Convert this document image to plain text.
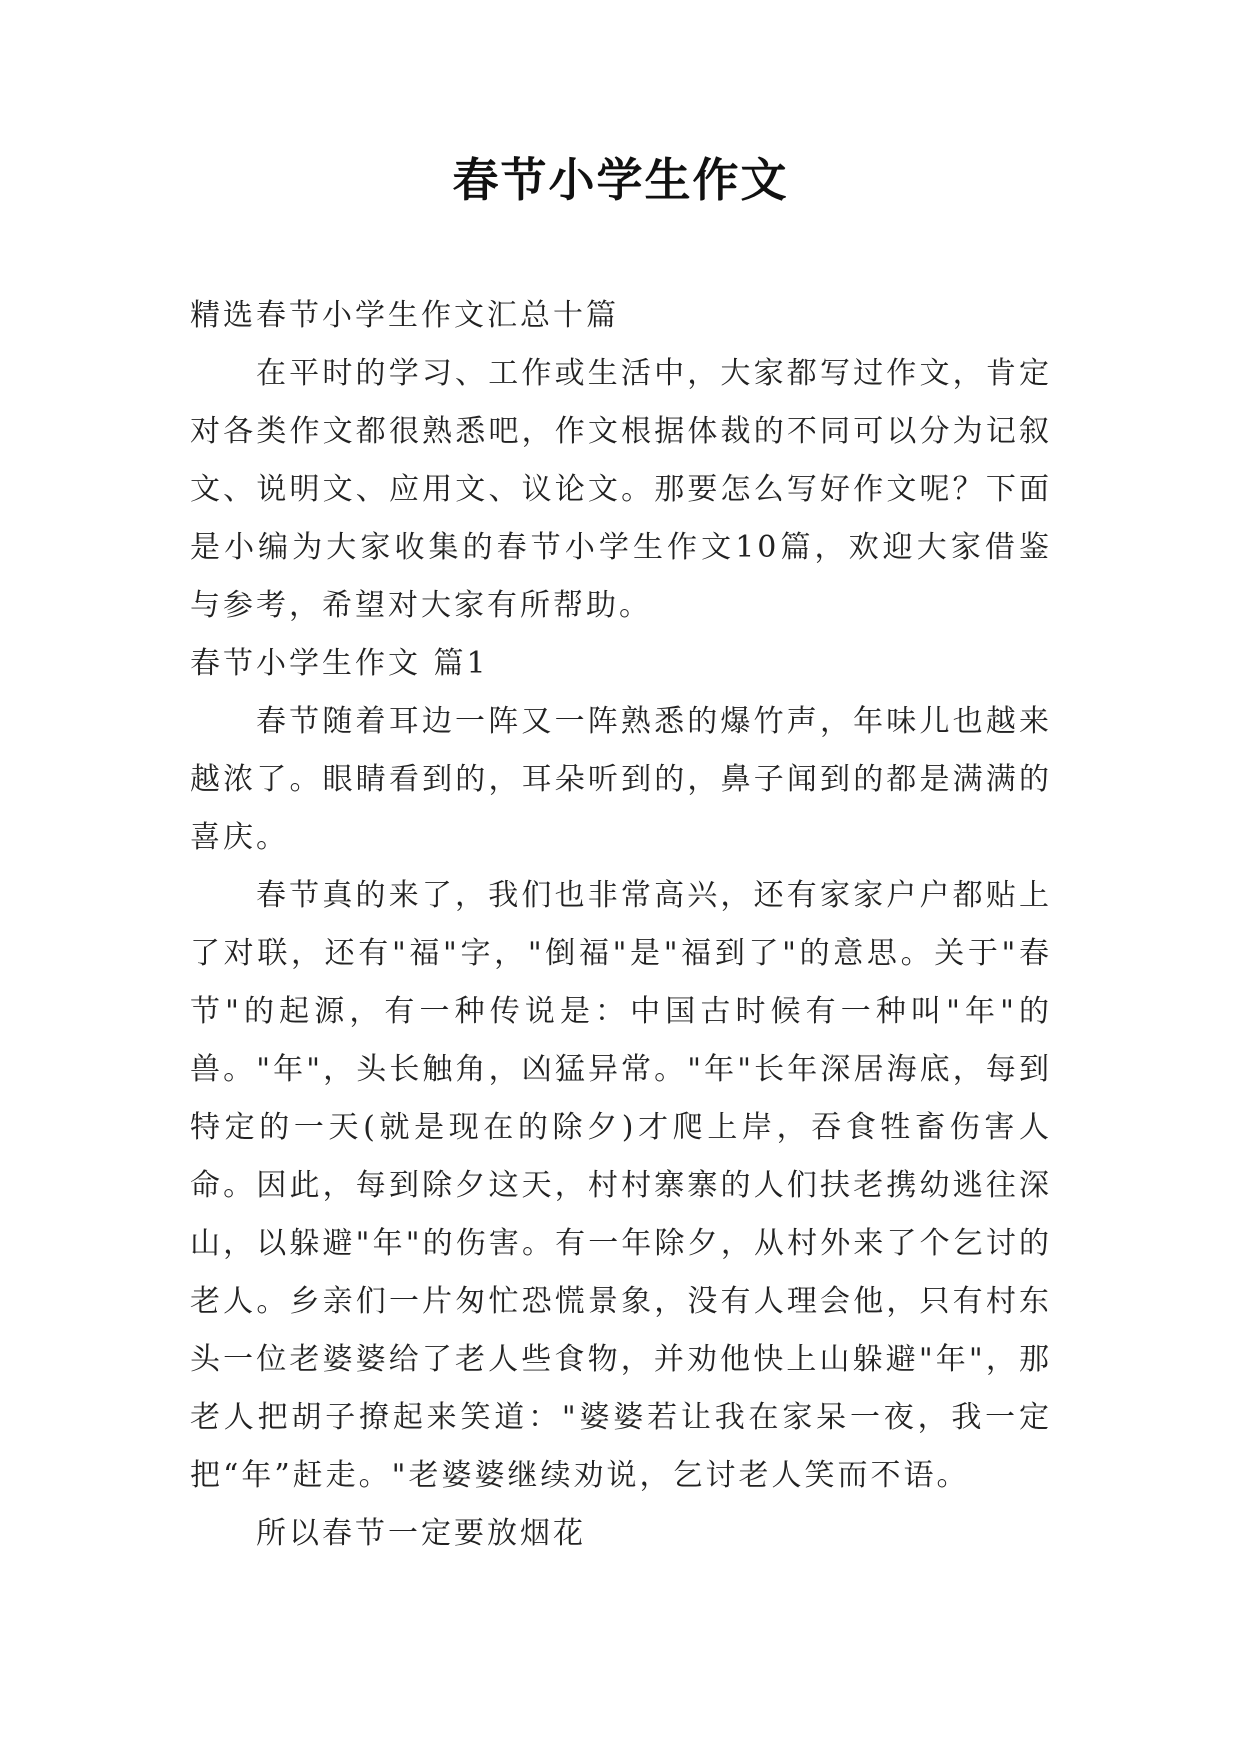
春节小学生作文

精选春节小学生作文汇总十篇

在平时的学习、工作或生活中，大家都写过作文，肯定对各类作文都很熟悉吧，作文根据体裁的不同可以分为记叙文、说明文、应用文、议论文。那要怎么写好作文呢？下面是小编为大家收集的春节小学生作文10篇，欢迎大家借鉴与参考，希望对大家有所帮助。

春节小学生作文 篇1

春节随着耳边一阵又一阵熟悉的爆竹声，年味儿也越来越浓了。眼睛看到的，耳朵听到的，鼻子闻到的都是满满的喜庆。

春节真的来了，我们也非常高兴，还有家家户户都贴上了对联，还有"福"字，"倒福"是"福到了"的意思。关于"春节"的起源，有一种传说是：中国古时候有一种叫"年"的兽。"年"，头长触角，凶猛异常。"年"长年深居海底，每到特定的一天(就是现在的除夕)才爬上岸，吞食牲畜伤害人命。因此，每到除夕这天，村村寨寨的人们扶老携幼逃往深山，以躲避"年"的伤害。有一年除夕，从村外来了个乞讨的老人。乡亲们一片匆忙恐慌景象，没有人理会他，只有村东头一位老婆婆给了老人些食物，并劝他快上山躲避"年"，那老人把胡子撩起来笑道："婆婆若让我在家呆一夜，我一定把“年”赶走。"老婆婆继续劝说，乞讨老人笑而不语。

所以春节一定要放烟花
